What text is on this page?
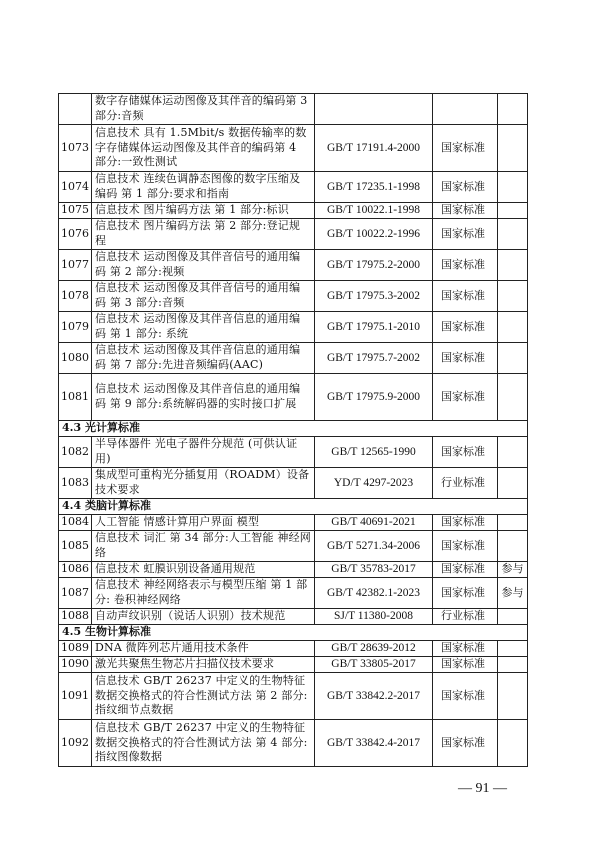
	数字存储媒体运动图像及其伴音的编码第 3 部分:音频			
1073	信息技术 具有 1.5Mbit/s 数据传输率的数字存储媒体运动图像及其伴音的编码第 4 部分:一致性测试	GB/T 17191.4-2000	国家标准	
1074	信息技术 连续色调静态图像的数字压缩及编码 第 1 部分:要求和指南	GB/T 17235.1-1998	国家标准	
1075	信息技术 图片编码方法 第 1 部分:标识	GB/T 10022.1-1998	国家标准	
1076	信息技术 图片编码方法 第 2 部分:登记规程	GB/T 10022.2-1996	国家标准	
1077	信息技术 运动图像及其伴音信号的通用编码 第 2 部分:视频	GB/T 17975.2-2000	国家标准	
1078	信息技术 运动图像及其伴音信号的通用编码 第 3 部分:音频	GB/T 17975.3-2002	国家标准	
1079	信息技术 运动图像及其伴音信息的通用编码 第 1 部分: 系统	GB/T 17975.1-2010	国家标准	
1080	信息技术 运动图像及其伴音信息的通用编码 第 7 部分:先进音频编码(AAC)	GB/T 17975.7-2002	国家标准	
1081	信息技术 运动图像及其伴音信息的通用编码 第 9 部分:系统解码器的实时接口扩展	GB/T 17975.9-2000	国家标准	
4.3 光计算标准				
1082	半导体器件 光电子器件分规范 (可供认证用)	GB/T 12565-1990	国家标准	
1083	集成型可重构光分插复用（ROADM）设备技术要求	YD/T 4297-2023	行业标准	
4.4 类脑计算标准				
1084	人工智能 情感计算用户界面 模型	GB/T 40691-2021	国家标准	
1085	信息技术 词汇 第 34 部分:人工智能 神经网络	GB/T 5271.34-2006	国家标准	
1086	信息技术 虹膜识别设备通用规范	GB/T 35783-2017	国家标准	参与
1087	信息技术 神经网络表示与模型压缩 第 1 部分: 卷积神经网络	GB/T 42382.1-2023	国家标准	参与
1088	自动声纹识别（说话人识别）技术规范	SJ/T 11380-2008	行业标准	
4.5 生物计算标准				
1089	DNA 微阵列芯片通用技术条件	GB/T 28639-2012	国家标准	
1090	激光共聚焦生物芯片扫描仪技术要求	GB/T 33805-2017	国家标准	
1091	信息技术 GB/T 26237 中定义的生物特征数据交换格式的符合性测试方法 第 2 部分: 指纹细节点数据	GB/T 33842.2-2017	国家标准	
1092	信息技术 GB/T 26237 中定义的生物特征数据交换格式的符合性测试方法 第 4 部分: 指纹图像数据	GB/T 33842.4-2017	国家标准	
— 91 —
